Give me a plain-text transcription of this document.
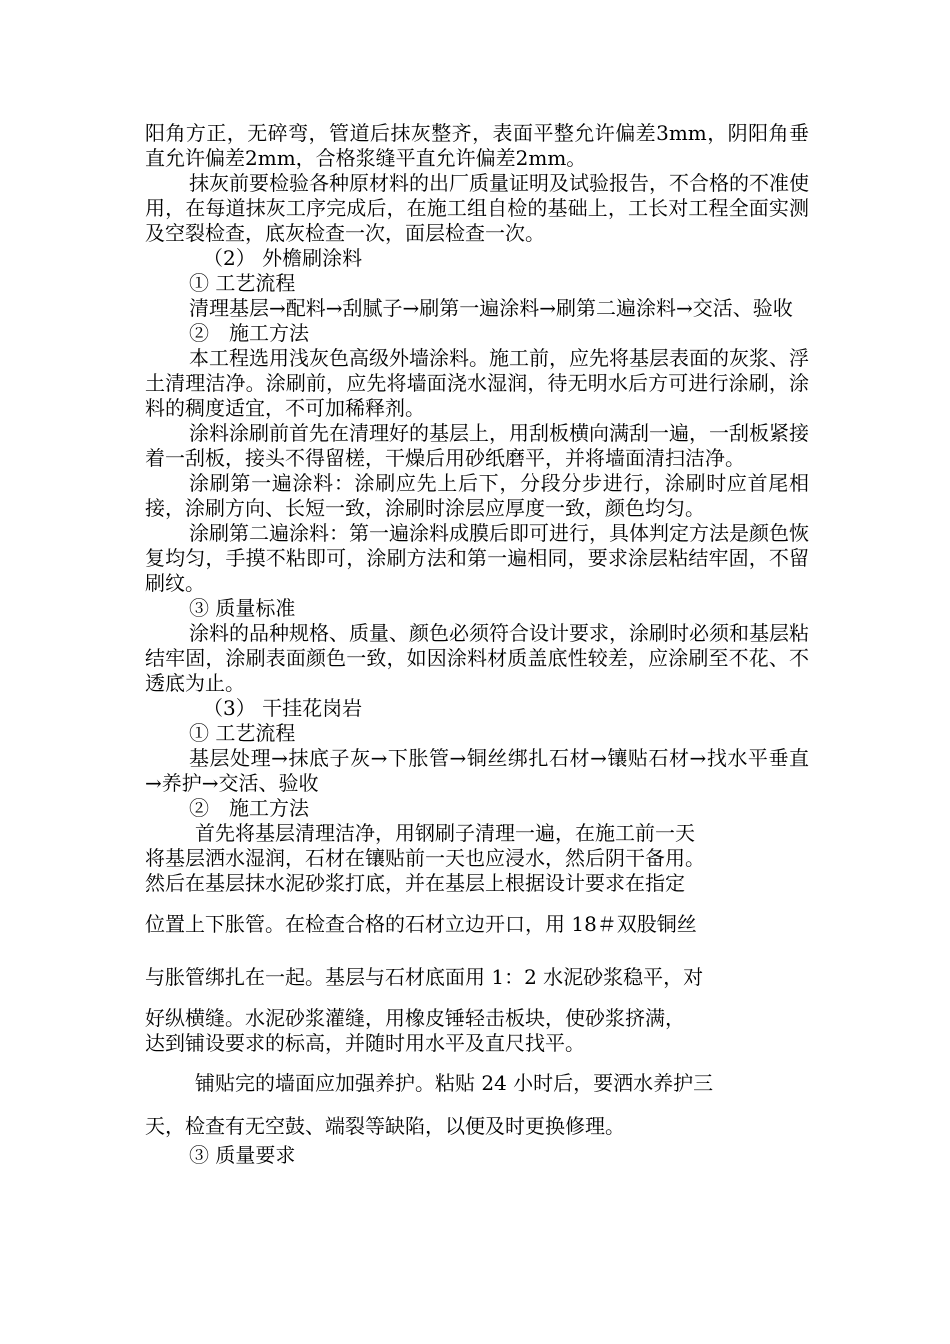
阳角方正，无碎弯，管道后抹灰整齐，表面平整允许偏差3mm，阴阳角垂直允许偏差2mm，合格浆缝平直允许偏差2mm。

抹灰前要检验各种原材料的出厂质量证明及试验报告，不合格的不准使用，在每道抹灰工序完成后，在施工组自检的基础上，工长对工程全面实测及空裂检查，底灰检查一次，面层检查一次。

（2） 外檐刷涂料
① 工艺流程

清理基层→配料→刮腻子→刷第一遍涂料→刷第二遍涂料→交活、验收

②　施工方法

本工程选用浅灰色高级外墙涂料。施工前，应先将基层表面的灰浆、浮土清理洁净。涂刷前，应先将墙面浇水湿润，待无明水后方可进行涂刷，涂料的稠度适宜，不可加稀释剂。

涂料涂刷前首先在清理好的基层上，用刮板横向满刮一遍，一刮板紧接着一刮板，接头不得留槎，干燥后用砂纸磨平，并将墙面清扫洁净。

涂刷第一遍涂料：涂刷应先上后下，分段分步进行，涂刷时应首尾相接，涂刷方向、长短一致，涂刷时涂层应厚度一致，颜色均匀。

涂刷第二遍涂料：第一遍涂料成膜后即可进行，具体判定方法是颜色恢复均匀，手摸不粘即可，涂刷方法和第一遍相同，要求涂层粘结牢固，不留刷纹。

③ 质量标准

涂料的品种规格、质量、颜色必须符合设计要求，涂刷时必须和基层粘结牢固，涂刷表面颜色一致，如因涂料材质盖底性较差，应涂刷至不花、不透底为止。

（3） 干挂花岗岩
① 工艺流程

基层处理→抹底子灰→下胀管→铜丝绑扎石材→镶贴石材→找水平垂直→养护→交活、验收

②　施工方法
首先将基层清理洁净，用钢刷子清理一遍，在施工前一天
将基层洒水湿润，石材在镶贴前一天也应浸水，然后阴干备用。
然后在基层抹水泥砂浆打底，并在基层上根据设计要求在指定
位置上下胀管。在检查合格的石材立边开口，用 18＃双股铜丝
与胀管绑扎在一起。基层与石材底面用 1：2 水泥砂浆稳平，对
好纵横缝。水泥砂浆灌缝，用橡皮锤轻击板块，使砂浆挤满，
达到铺设要求的标高，并随时用水平及直尺找平。
铺贴完的墙面应加强养护。粘贴 24 小时后，要洒水养护三
天，检查有无空鼓、端裂等缺陷，以便及时更换修理。
③ 质量要求
